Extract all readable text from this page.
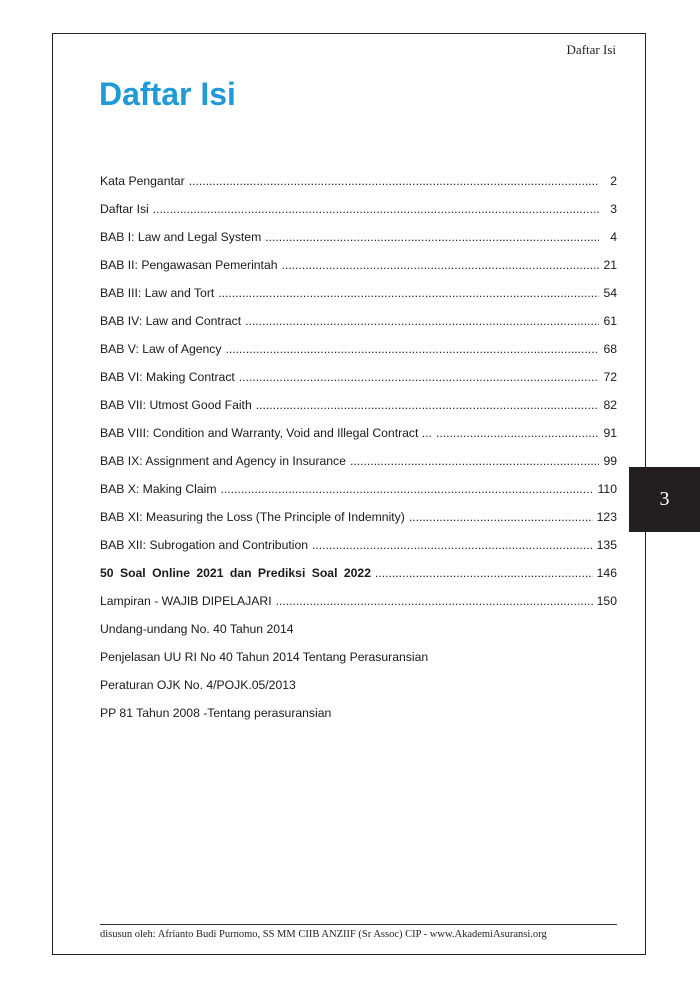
Daftar Isi
Daftar Isi
Kata Pengantar .....	2
Daftar Isi .....	3
BAB I: Law and Legal System .....	4
BAB II: Pengawasan Pemerintah .....	21
BAB III: Law and Tort .....	54
BAB IV: Law and Contract .....	61
BAB V: Law of Agency .....	68
BAB VI: Making Contract .....	72
BAB VII: Utmost Good Faith .....	82
BAB VIII: Condition and Warranty, Void and Illegal Contract ... .....	91
BAB IX: Assignment and Agency in Insurance .....	99
BAB X: Making Claim .....	110
BAB XI: Measuring the Loss (The Principle of Indemnity) .....	123
BAB XII: Subrogation and Contribution .....	135
50 Soal Online 2021 dan Prediksi Soal 2022 .....	146
Lampiran - WAJIB DIPELAJARI .....	150
Undang-undang No. 40 Tahun 2014
Penjelasan UU RI No 40 Tahun 2014 Tentang Perasuransian
Peraturan OJK No. 4/POJK.05/2013
PP 81 Tahun 2008 -Tentang perasuransian
3
disusun oleh: Afrianto Budi Purnomo, SS MM CIIB ANZIIF (Sr Assoc) CIP - www.AkademiAsuransi.org
